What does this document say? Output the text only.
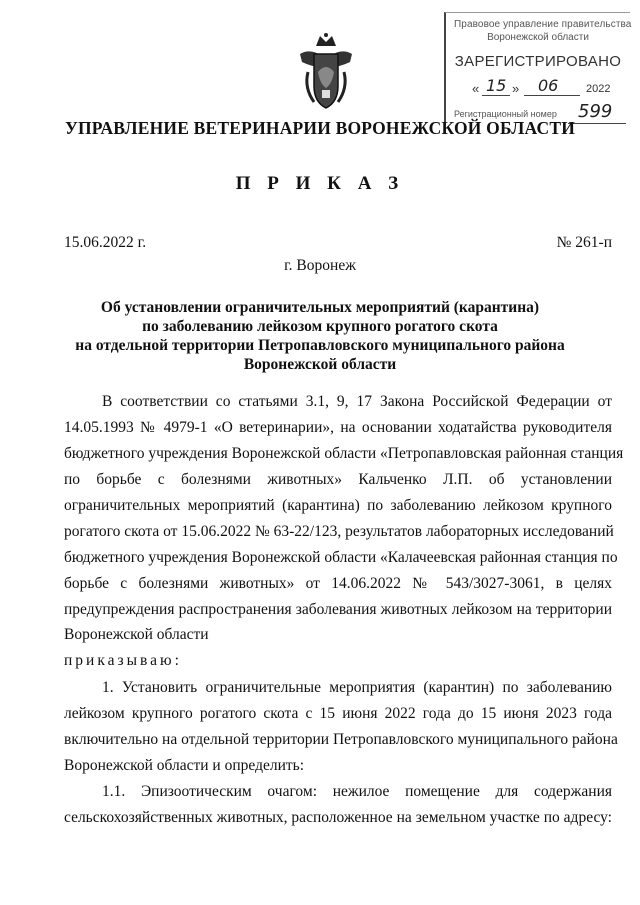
Правовое управление правительства
Воронежской области
ЗАРЕГИСТРИРОВАНО
« 15 » 06	2022
Регистрационный номер 599
УПРАВЛЕНИЕ ВЕТЕРИНАРИИ ВОРОНЕЖСКОЙ ОБЛАСТИ
П Р И К А З
15.06.2022 г.	№ 261-п
г. Воронеж
Об установлении ограничительных мероприятий (карантина)
по заболеванию лейкозом крупного рогатого скота
на отдельной территории Петропавловского муниципального района
Воронежской области
В соответствии со статьями 3.1, 9, 17 Закона Российской Федерации от
14.05.1993 № 4979-1 «О ветеринарии», на основании ходатайства руководителя
бюджетного учреждения Воронежской области «Петропавловская районная станция
по борьбе с болезнями животных» Кальченко Л.П. об установлении
ограничительных мероприятий (карантина) по заболеванию лейкозом крупного
рогатого скота от 15.06.2022 № 63-22/123, результатов лабораторных исследований
бюджетного учреждения Воронежской области «Калачеевская районная станция по
борьбе с болезнями животных» от 14.06.2022 № 543/3027-3061, в целях
предупреждения распространения заболевания животных лейкозом на территории
Воронежской области
приказываю:
1. Установить ограничительные мероприятия (карантин) по заболеванию
лейкозом крупного рогатого скота с 15 июня 2022 года до 15 июня 2023 года
включительно на отдельной территории Петропавловского муниципального района
Воронежской области и определить:
1.1. Эпизоотическим очагом: нежилое помещение для содержания
сельскохозяйственных животных, расположенное на земельном участке по адресу:
